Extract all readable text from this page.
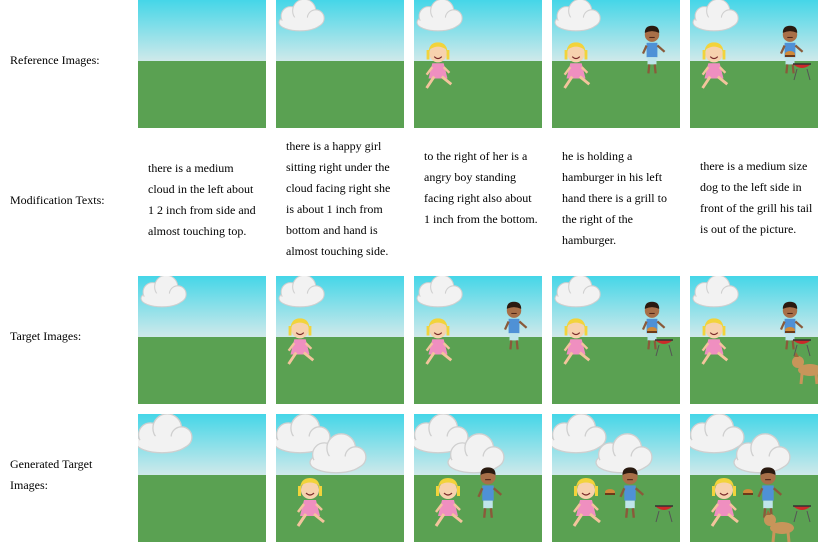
Reference Images:
Modification Texts:
Target Images:
Generated Target
Images:
there is a medium cloud in the left about 1 2 inch from side and almost touching top.
there is a happy girl sitting right under the cloud facing right she is about 1 inch from bottom and hand is almost touching side.
to the right of her is a angry boy standing facing right also about 1 inch from the bottom.
he is holding a hamburger in his left hand there is a grill to the right of the hamburger.
there is a medium size dog to the left side in front of the grill his tail is out of the picture.
